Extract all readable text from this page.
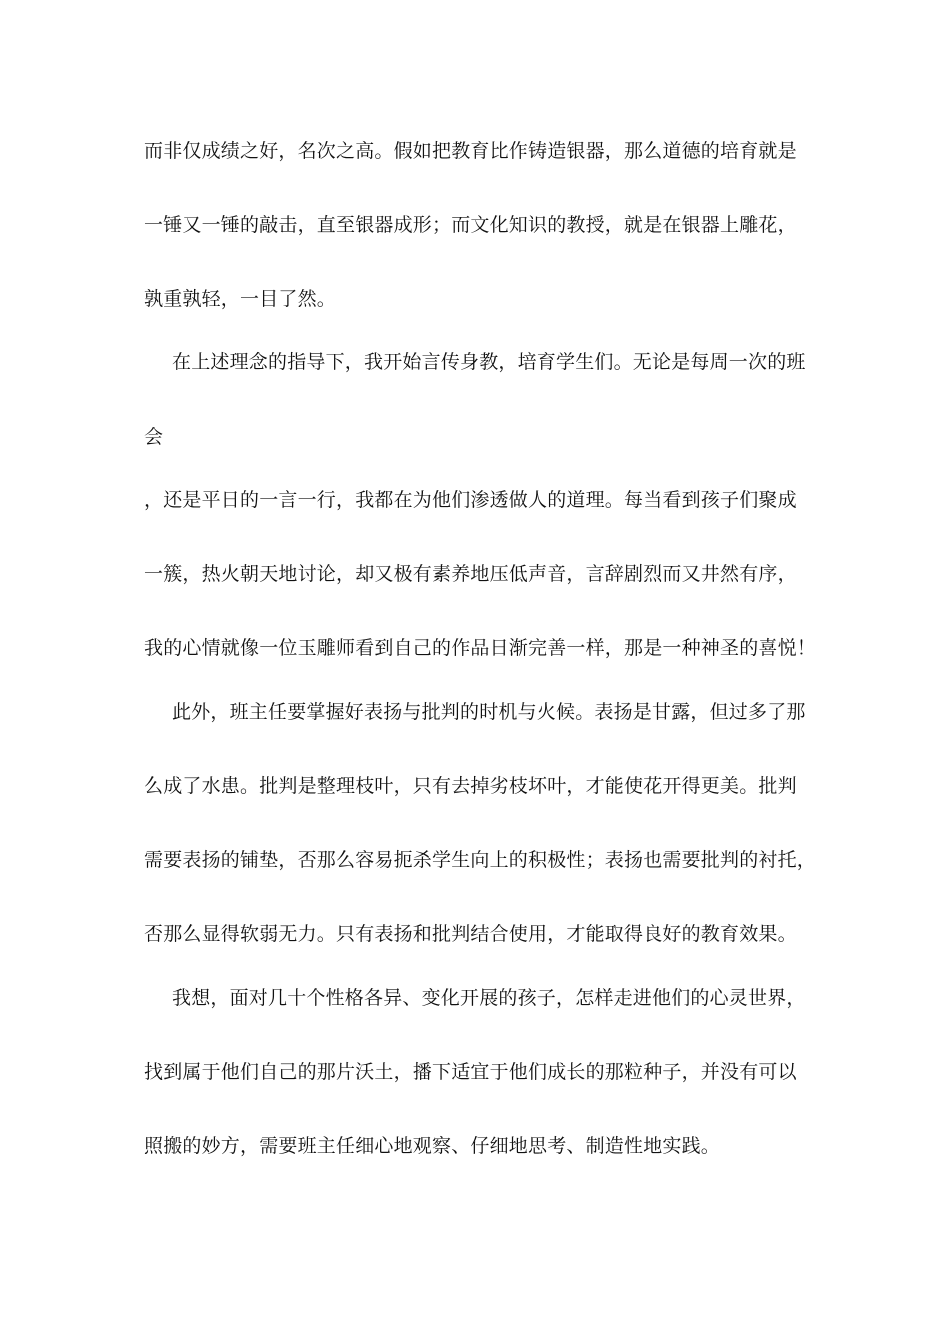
而非仅成绩之好，名次之高。假如把教育比作铸造银器，那么道德的培育就是
一锤又一锤的敲击，直至银器成形；而文化知识的教授，就是在银器上雕花，
孰重孰轻，一目了然。
在上述理念的指导下，我开始言传身教，培育学生们。无论是每周一次的班
会
，还是平日的一言一行，我都在为他们渗透做人的道理。每当看到孩子们聚成
一簇，热火朝天地讨论，却又极有素养地压低声音，言辞剧烈而又井然有序，
我的心情就像一位玉雕师看到自己的作品日渐完善一样，那是一种神圣的喜悦！
此外，班主任要掌握好表扬与批判的时机与火候。表扬是甘露，但过多了那
么成了水患。批判是整理枝叶，只有去掉劣枝坏叶，才能使花开得更美。批判
需要表扬的铺垫，否那么容易扼杀学生向上的积极性；表扬也需要批判的衬托，
否那么显得软弱无力。只有表扬和批判结合使用，才能取得良好的教育效果。
我想，面对几十个性格各异、变化开展的孩子，怎样走进他们的心灵世界，
找到属于他们自己的那片沃土，播下适宜于他们成长的那粒种子，并没有可以
照搬的妙方，需要班主任细心地观察、仔细地思考、制造性地实践。
